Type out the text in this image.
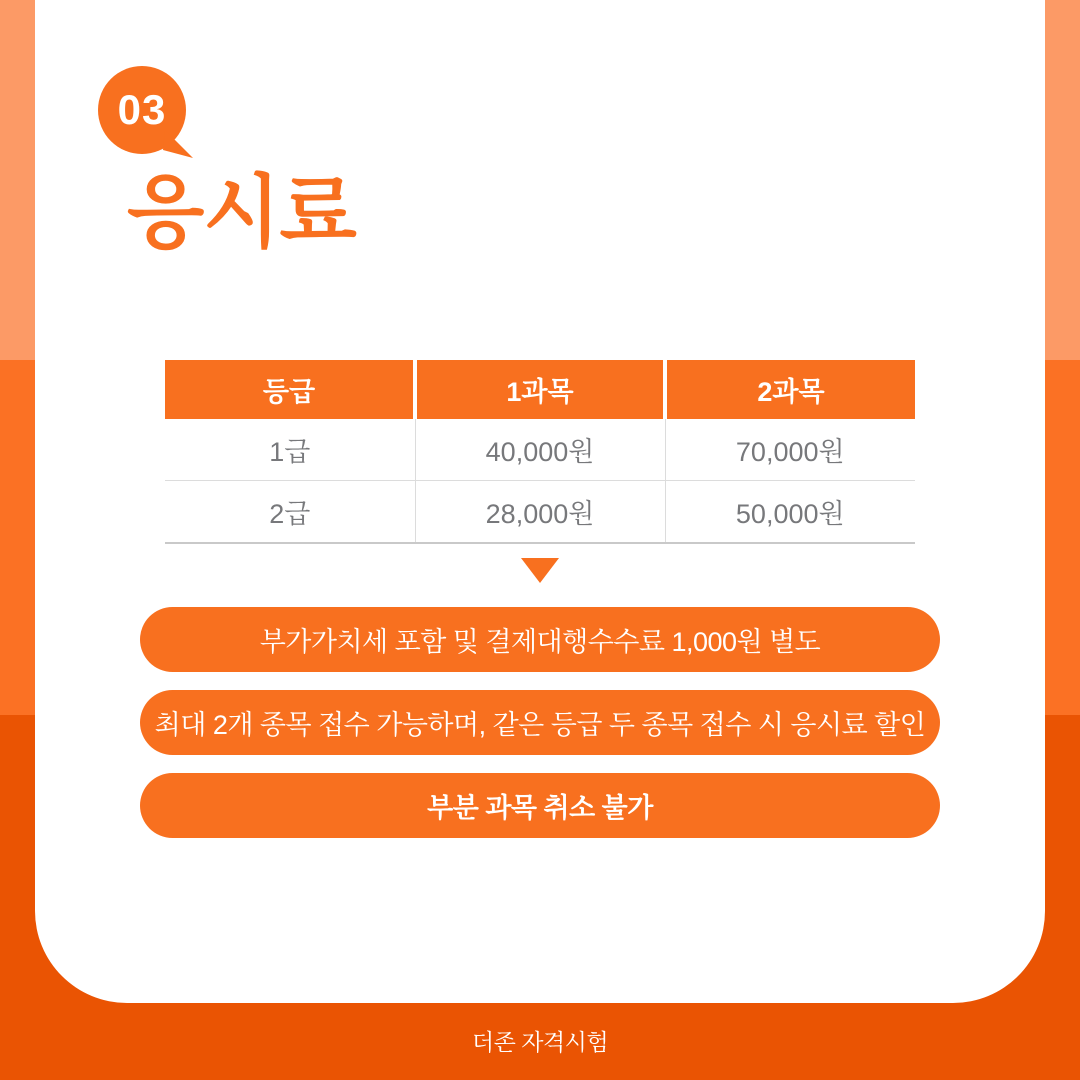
03
응시료
등급	1과목	2과목
1급	40,000원	70,000원
2급	28,000원	50,000원
부가가치세 포함 및 결제대행수수료 1,000원 별도
최대 2개 종목 접수 가능하며, 같은 등급 두 종목 접수 시 응시료 할인
부분 과목 취소 불가
더존 자격시험
